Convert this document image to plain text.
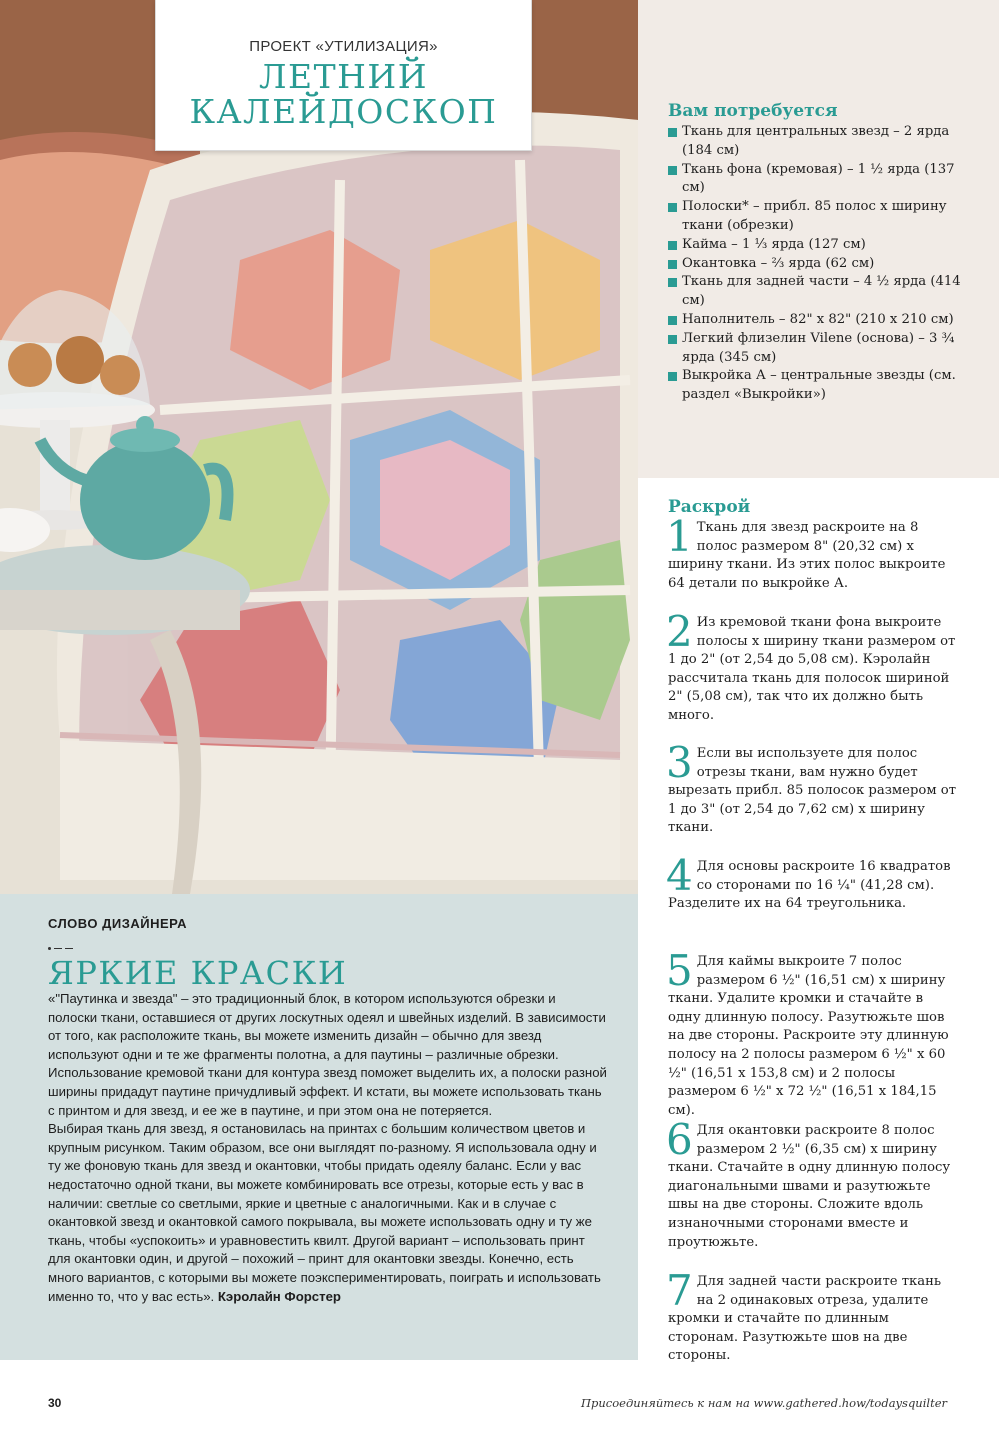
ПРОЕКТ «УТИЛИЗАЦИЯ»
ЛЕТНИЙ
КАЛЕЙДОСКОП	Вам потребуется
Ткань для центральных звезд – 2 ярда (184 см)
Ткань фона (кремовая) – 1 ½ ярда (137 см)
Полоски* – прибл. 85 полос х ширину ткани (обрезки)
Кайма – 1 ⅓ ярда (127 см)
Окантовка – ⅔ ярда (62 см)
Ткань для задней части – 4 ½ ярда (414 см)
Наполнитель – 82" х 82" (210 х 210 см)
Легкий флизелин Vilene (основа) – 3 ¾ ярда (345 см)
Выкройка А – центральные звезды (см. раздел «Выкройки»)
Раскрой
1 Ткань для звезд раскроите на 8 полос размером 8" (20,32 см) х ширину ткани. Из этих полос выкроите 64 детали по выкройке А.
2 Из кремовой ткани фона выкроите полосы х ширину ткани размером от 1 до 2" (от 2,54 до 5,08 см). Кэролайн рассчитала ткань для полосок шириной 2" (5,08 см), так что их должно быть много.
3 Если вы используете для полос отрезы ткани, вам нужно будет вырезать прибл. 85 полосок размером от 1 до 3" (от 2,54 до 7,62 см) х ширину ткани.
4 Для основы раскроите 16 квадратов со сторонами по 16 ¼" (41,28 см). Разделите их на 64 треугольника.
5 Для каймы выкроите 7 полос размером 6 ½" (16,51 см) х ширину ткани. Удалите кромки и стачайте в одну длинную полосу. Разутюжьте шов на две стороны. Раскроите эту длинную полосу на 2 полосы размером 6 ½" х 60 ½" (16,51 х 153,8 см) и 2 полосы размером 6 ½" х 72 ½" (16,51 х 184,15 см).
6 Для окантовки раскроите 8 полос размером 2 ½" (6,35 см) х ширину ткани. Стачайте в одну длинную полосу диагональными швами и разутюжьте швы на две стороны. Сложите вдоль изнаночными сторонами вместе и проутюжьте.
7 Для задней части раскроите ткань на 2 одинаковых отреза, удалите кромки и стачайте по длинным сторонам. Разутюжьте шов на две стороны.
СЛОВО ДИЗАЙНЕРА
ЯРКИЕ КРАСКИ

«"Паутинка и звезда" – это традиционный блок, в котором используются обрезки и полоски ткани, оставшиеся от других лоскутных одеял и швейных изделий. В зависимости от того, как расположите ткань, вы можете изменить дизайн – обычно для звезд используют одни и те же фрагменты полотна, а для паутины – различные обрезки. Использование кремовой ткани для контура звезд поможет выделить их, а полоски разной ширины придадут паутине причудливый эффект. И кстати, вы можете использовать ткань с принтом и для звезд, и ее же в паутине, и при этом она не потеряется.

Выбирая ткань для звезд, я остановилась на принтах с большим количеством цветов и крупным рисунком. Таким образом, все они выглядят по-разному. Я использовала одну и ту же фоновую ткань для звезд и окантовки, чтобы придать одеялу баланс. Если у вас недостаточно одной ткани, вы можете комбинировать все отрезы, которые есть у вас в наличии: светлые со светлыми, яркие и цветные с аналогичными. Как и в случае с окантовкой звезд и окантовкой самого покрывала, вы можете использовать одну и ту же ткань, чтобы «успокоить» и уравновестить квилт. Другой вариант – использовать принт для окантовки один, и другой – похожий – принт для окантовки звезды. Конечно, есть много вариантов, с которыми вы можете поэкспериментировать, поиграть и использовать именно то, что у вас есть». Кэролайн Форстер

30	Присоединяйтесь к нам на www.gathered.how/todaysquilter
